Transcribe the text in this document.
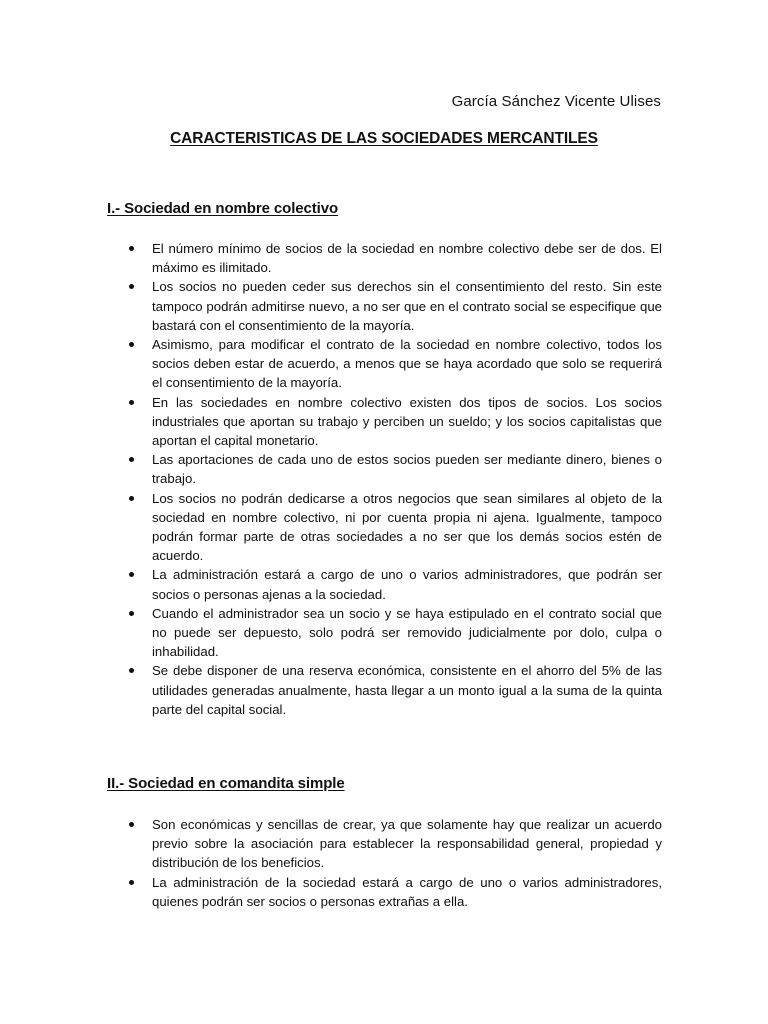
García Sánchez Vicente Ulises
CARACTERISTICAS DE LAS SOCIEDADES MERCANTILES
I.- Sociedad en nombre colectivo
El número mínimo de socios de la sociedad en nombre colectivo debe ser de dos. El máximo es ilimitado.
Los socios no pueden ceder sus derechos sin el consentimiento del resto. Sin este tampoco podrán admitirse nuevo, a no ser que en el contrato social se especifique que bastará con el consentimiento de la mayoría.
Asimismo, para modificar el contrato de la sociedad en nombre colectivo, todos los socios deben estar de acuerdo, a menos que se haya acordado que solo se requerirá el consentimiento de la mayoría.
En las sociedades en nombre colectivo existen dos tipos de socios. Los socios industriales que aportan su trabajo y perciben un sueldo; y los socios capitalistas que aportan el capital monetario.
Las aportaciones de cada uno de estos socios pueden ser mediante dinero, bienes o trabajo.
Los socios no podrán dedicarse a otros negocios que sean similares al objeto de la sociedad en nombre colectivo, ni por cuenta propia ni ajena. Igualmente, tampoco podrán formar parte de otras sociedades a no ser que los demás socios estén de acuerdo.
La administración estará a cargo de uno o varios administradores, que podrán ser socios o personas ajenas a la sociedad.
Cuando el administrador sea un socio y se haya estipulado en el contrato social que no puede ser depuesto, solo podrá ser removido judicialmente por dolo, culpa o inhabilidad.
Se debe disponer de una reserva económica, consistente en el ahorro del 5% de las utilidades generadas anualmente, hasta llegar a un monto igual a la suma de la quinta parte del capital social.
II.- Sociedad en comandita simple
Son económicas y sencillas de crear, ya que solamente hay que realizar un acuerdo previo sobre la asociación para establecer la responsabilidad general, propiedad y distribución de los beneficios.
La administración de la sociedad estará a cargo de uno o varios administradores, quienes podrán ser socios o personas extrañas a ella.
